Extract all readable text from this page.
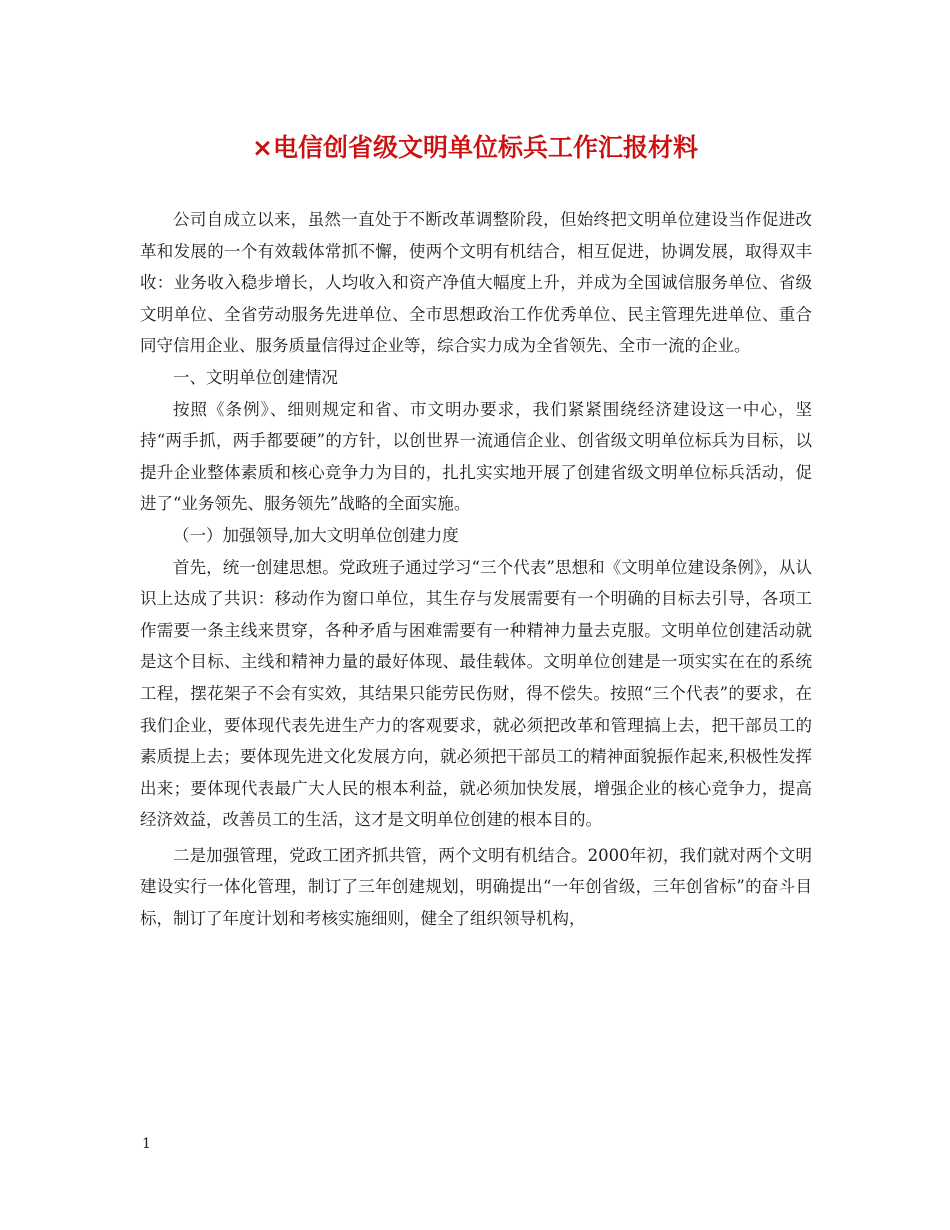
×电信创省级文明单位标兵工作汇报材料

公司自成立以来，虽然一直处于不断改革调整阶段，但始终把文明单位建设当作促进改革和发展的一个有效载体常抓不懈，使两个文明有机结合，相互促进，协调发展，取得双丰收：业务收入稳步增长，人均收入和资产净值大幅度上升，并成为全国诚信服务单位、省级文明单位、全省劳动服务先进单位、全市思想政治工作优秀单位、民主管理先进单位、重合同守信用企业、服务质量信得过企业等，综合实力成为全省领先、全市一流的企业。

一、文明单位创建情况

按照《条例》、细则规定和省、市文明办要求，我们紧紧围绕经济建设这一中心，坚持“两手抓，两手都要硬”的方针，以创世界一流通信企业、创省级文明单位标兵为目标，以提升企业整体素质和核心竞争力为目的，扎扎实实地开展了创建省级文明单位标兵活动，促进了“业务领先、服务领先”战略的全面实施。

（一）加强领导,加大文明单位创建力度

首先，统一创建思想。党政班子通过学习“三个代表”思想和《文明单位建设条例》，从认识上达成了共识：移动作为窗口单位，其生存与发展需要有一个明确的目标去引导，各项工作需要一条主线来贯穿，各种矛盾与困难需要有一种精神力量去克服。文明单位创建活动就是这个目标、主线和精神力量的最好体现、最佳载体。文明单位创建是一项实实在在的系统工程，摆花架子不会有实效，其结果只能劳民伤财，得不偿失。按照“三个代表”的要求，在我们企业，要体现代表先进生产力的客观要求，就必须把改革和管理搞上去，把干部员工的素质提上去；要体现先进文化发展方向，就必须把干部员工的精神面貌振作起来,积极性发挥出来；要体现代表最广大人民的根本利益，就必须加快发展，增强企业的核心竞争力，提高经济效益，改善员工的生活，这才是文明单位创建的根本目的。

二是加强管理，党政工团齐抓共管，两个文明有机结合。2000年初，我们就对两个文明建设实行一体化管理，制订了三年创建规划，明确提出“一年创省级，三年创省标”的奋斗目标，制订了年度计划和考核实施细则，健全了组织领导机构，

1
